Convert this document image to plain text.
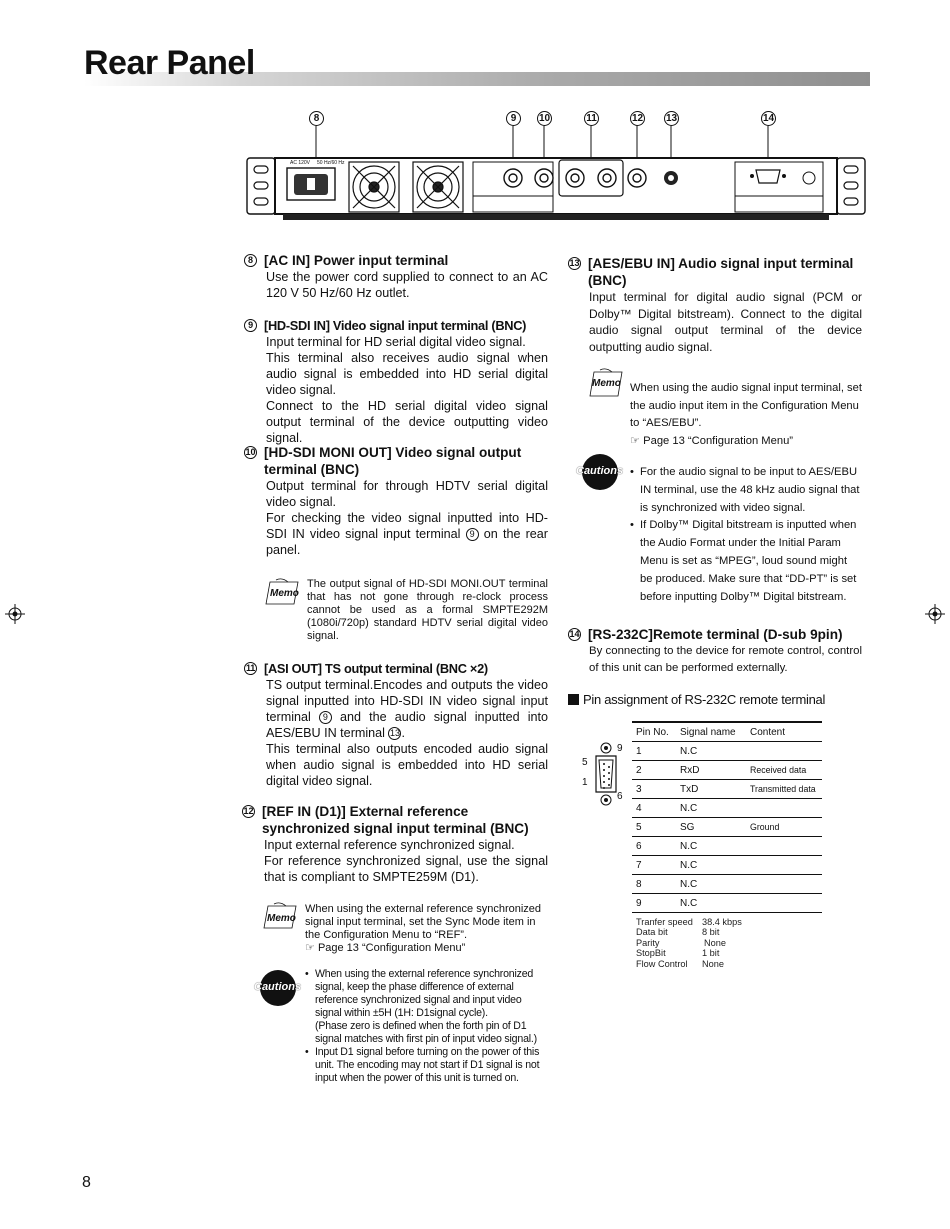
Rear Panel
8	9	10	11	12 13	14
AC 120V 50 Hz/60 Hz
8 [AC IN] Power input terminal

Use the power cord supplied to connect to an AC 120 V 50 Hz/60 Hz outlet.

9 [HD-SDI IN] Video signal input terminal (BNC)

Input terminal for HD serial digital video signal.

This terminal also receives audio signal when audio signal is embedded into HD serial digital video signal.

Connect to the HD serial digital video signal output terminal of the device outputting video signal.

10 [HD-SDI MONI OUT] Video signal output terminal (BNC)

Output terminal for through HDTV serial digital video signal.

For checking the video signal inputted into HD-SDI IN video signal input terminal 9 on the rear panel.

Memo
The output signal of HD-SDI MONI.OUT terminal that has not gone through re-clock process cannot be used as a formal SMPTE292M (1080i/720p) standard HDTV serial digital video signal.
11 [ASI OUT] TS output terminal (BNC ×2)

TS output terminal.Encodes and outputs the video signal inputted into HD-SDI IN video signal input terminal 9 and the audio signal inputted into AES/EBU IN terminal 13 .

This terminal also outputs encoded audio signal when audio signal is embedded into HD serial digital video signal.

12 [REF IN (D1)] External reference synchronized signal input terminal (BNC)

Input external reference synchronized signal.

For reference synchronized signal, use the signal that is compliant to SMPTE259M (D1).

Memo
When using the external reference synchronized signal input terminal, set the Sync Mode item in the Configuration Menu to “REF”.
☞ Page 13 “Configuration Menu”
Cautions
• When using the external reference synchronized signal, keep the phase difference of external reference synchronized signal and input video signal within ±5H (1H: D1signal cycle).
(Phase zero is defined when the forth pin of D1 signal matches with first pin of input video signal.)
• Input D1 signal before turning on the power of this unit. The encoding may not start if D1 signal is not input when the power of this unit is turned on.
13 [AES/EBU IN] Audio signal input terminal (BNC)

Input terminal for digital audio signal (PCM or Dolby™ Digital bitstream). Connect to the digital audio signal output terminal of the device outputting audio signal.

Memo When using the audio signal input terminal, set the audio input item in the Configuration Menu to “AES/EBU”.
☞ Page 13 “Configuration Menu”
Cautions	• For the audio signal to be input to AES/EBU IN terminal, use the 48 kHz audio signal that is synchronized with video signal.
• If Dolby™ Digital bitstream is inputted when the Audio Format under the Initial Param Menu is set as “MPEG”, loud sound might be produced. Make sure that “DD-PT” is set before inputting Dolby™ Digital bitstream.
14 [RS-232C]Remote terminal (D-sub 9pin)

By connecting to the device for remote control, control of this unit can be performed externally.

Pin assignment of RS-232C remote terminal
9
5
1
6
Pin No.	Signal name	Content
1	N.C	
2	RxD	Received data
3	TxD	Transmitted data
4	N.C	
5	SG	Ground
6	N.C	
7	N.C	
8	N.C	
9	N.C	
Tranfer speed 38.4 kbps
Data bit	8 bit
Parity	None
StopBit	1 bit
Flow Control None
8
